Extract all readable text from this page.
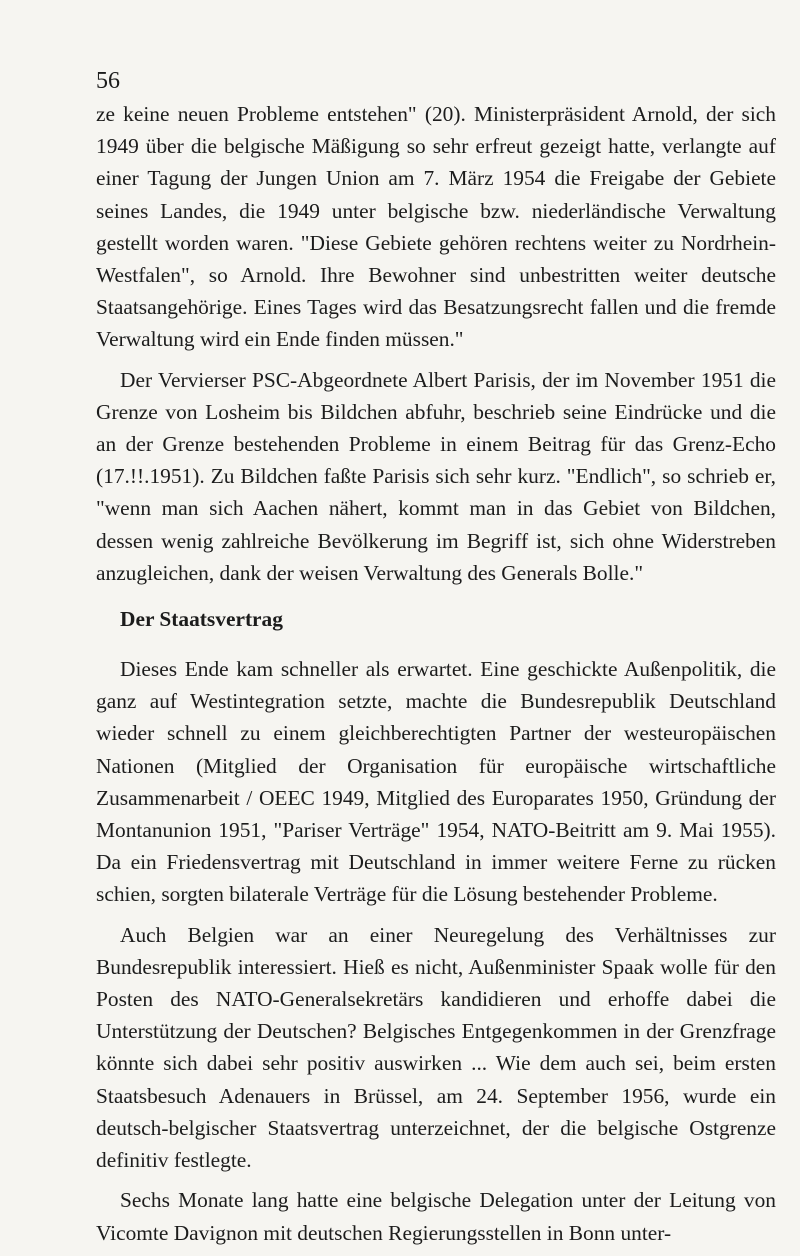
56

ze keine neuen Probleme entstehen" (20). Ministerpräsident Arnold, der sich 1949 über die belgische Mäßigung so sehr erfreut gezeigt hatte, verlangte auf einer Tagung der Jungen Union am 7. März 1954 die Freigabe der Gebiete seines Landes, die 1949 unter belgische bzw. niederländische Verwaltung gestellt worden waren. "Diese Gebiete gehören rechtens weiter zu Nordrhein-Westfalen", so Arnold. Ihre Bewohner sind unbestritten weiter deutsche Staatsangehörige. Eines Tages wird das Besatzungsrecht fallen und die fremde Verwaltung wird ein Ende finden müssen."

Der Vervierser PSC-Abgeordnete Albert Parisis, der im November 1951 die Grenze von Losheim bis Bildchen abfuhr, beschrieb seine Eindrücke und die an der Grenze bestehenden Probleme in einem Beitrag für das Grenz-Echo (17.!!.1951). Zu Bildchen faßte Parisis sich sehr kurz. "Endlich", so schrieb er, "wenn man sich Aachen nähert, kommt man in das Gebiet von Bildchen, dessen wenig zahlreiche Bevölkerung im Begriff ist, sich ohne Widerstreben anzugleichen, dank der weisen Verwaltung des Generals Bolle."

Der Staatsvertrag

Dieses Ende kam schneller als erwartet. Eine geschickte Außenpolitik, die ganz auf Westintegration setzte, machte die Bundesrepublik Deutschland wieder schnell zu einem gleichberechtigten Partner der westeuropäischen Nationen (Mitglied der Organisation für europäische wirtschaftliche Zusammenarbeit / OEEC 1949, Mitglied des Europarates 1950, Gründung der Montanunion 1951, "Pariser Verträge" 1954, NATO-Beitritt am 9. Mai 1955). Da ein Friedensvertrag mit Deutschland in immer weitere Ferne zu rücken schien, sorgten bilaterale Verträge für die Lösung bestehender Probleme.

Auch Belgien war an einer Neuregelung des Verhältnisses zur Bundesrepublik interessiert. Hieß es nicht, Außenminister Spaak wolle für den Posten des NATO-Generalsekretärs kandidieren und erhoffe dabei die Unterstützung der Deutschen? Belgisches Entgegenkommen in der Grenzfrage könnte sich dabei sehr positiv auswirken ... Wie dem auch sei, beim ersten Staatsbesuch Adenauers in Brüssel, am 24. September 1956, wurde ein deutsch-belgischer Staatsvertrag unterzeichnet, der die belgische Ostgrenze definitiv festlegte.

Sechs Monate lang hatte eine belgische Delegation unter der Leitung von Vicomte Davignon mit deutschen Regierungsstellen in Bonn unter-
